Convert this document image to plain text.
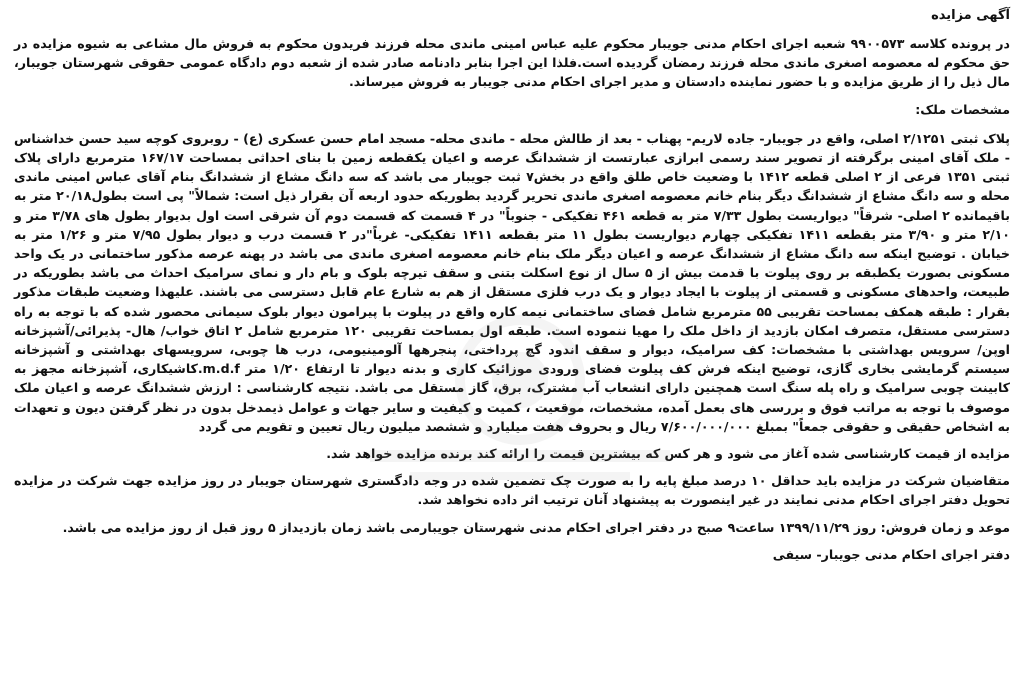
آگهی مزایده
در پرونده کلاسه ۹۹۰۰۵۷۳ شعبه اجرای احکام مدنی جویبار محکوم علیه عباس امینی ماندی محله فرزند فریدون محکوم به فروش مال مشاعی به شیوه مزایده در حق محکوم له معصومه اصغری ماندی محله فرزند رمضان گردیده است.فلذا این اجرا بنابر دادنامه صادر شده از شعبه دوم دادگاه عمومی حقوقی شهرستان جویبار، مال ذیل را از طریق مزایده و با حضور نماینده دادستان و مدیر اجرای احکام مدنی جویبار به فروش میرساند.
مشخصات ملک:
پلاک ثبتی ۲/۱۲۵۱ اصلی، واقع در جویبار- جاده لاریم- پهناب - بعد از طالش محله - ماندی محله- مسجد امام حسن عسکری (ع) - روبروی کوچه سید حسن خداشناس - ملک آقای امینی برگرفته از تصویر سند رسمی ابرازی عبارتست از ششدانگ عرصه و اعیان یکقطعه زمین با بنای احداثی بمساحت ۱۶۷/۱۷ مترمربع دارای پلاک ثبتی ۱۳۵۱ فرعی از ۲ اصلی قطعه ۱۴۱۲ با وضعیت خاص طلق واقع در بخش۷ ثبت جویبار می باشد که سه دانگ مشاع از ششدانگ بنام آقای عباس امینی ماندی محله و سه دانگ مشاع از ششدانگ دیگر بنام خانم معصومه اصغری ماندی تحریر گردید بطوریکه حدود اربعه آن بقرار ذیل است: شمالاً" پی است بطول۲۰/۱۸ متر به باقیمانده ۲ اصلی- شرقاً" دیواریست بطول ۷/۳۳ متر به قطعه ۴۶۱ تفکیکی - جنوباً" در ۴ قسمت که قسمت دوم آن شرقی است اول بدیوار بطول های ۳/۷۸ متر و ۲/۱۰ متر و ۳/۹۰ متر بقطعه ۱۴۱۱ تفکیکی چهارم دیواریست بطول ۱۱ متر بقطعه ۱۴۱۱ تفکیکی- غرباً"در ۲ قسمت درب و دیوار بطول ۷/۹۵ متر و ۱/۲۶ متر به خیابان . توضیح اینکه سه دانگ مشاع از ششدانگ عرصه و اعیان دیگر ملک بنام خانم معصومه اصغری ماندی می باشد در پهنه عرصه مذکور ساختمانی در یک واحد مسکونی بصورت یکطبقه بر روی پیلوت با قدمت بیش از ۵ سال از نوع اسکلت بتنی و سقف تیرچه بلوک و بام دار و نمای سرامیک احداث می باشد بطوریکه در طبیعت، واحدهای مسکونی و قسمتی از پیلوت با ایجاد دیوار و یک درب فلزی مستقل از هم به شارع عام قابل دسترسی می باشند. علیهذا وضعیت طبقات مذکور بقرار : طبقه همکف بمساحت تقریبی ۵۵ مترمربع شامل فضای ساختمانی نیمه کاره واقع در پیلوت با پیرامون دیوار بلوک سیمانی محصور شده که با توجه به راه دسترسی مستقل، متصرف امکان بازدید از داخل ملک را مهیا ننموده است. طبقه اول بمساحت تقریبی ۱۲۰ مترمربع شامل ۲ اتاق خواب/ هال- پذیرائی/آشپزخانه اوپن/ سرویس بهداشتی با مشخصات: کف سرامیک، دیوار و سقف اندود گچ پرداختی، پنجرهها آلومینیومی، درب ها چوبی، سرویسهای بهداشتی و آشپزخانه سیستم گرمایشی بخاری گازی، توضیح اینکه فرش کف پیلوت فضای ورودی موزائیک کاری و بدنه دیوار تا ارتفاع ۱/۲۰ متر m.d.f.کاشیکاری، آشپزخانه مجهز به کابینت چوبی سرامیک و راه پله سنگ است همچنین دارای انشعاب آب مشترک، برق، گاز مستقل می باشد. نتیجه کارشناسی : ارزش ششدانگ عرصه و اعیان ملک موصوف با توجه به مراتب فوق و بررسی های بعمل آمده، مشخصات، موقعیت ، کمیت و کیفیت و سایر جهات و عوامل ذیمدخل بدون در نظر گرفتن دیون و تعهدات به اشخاص حقیقی و حقوقی جمعاً" بمبلغ ۷/۶۰۰/۰۰۰/۰۰۰ ریال و بحروف هفت میلیارد و ششصد میلیون ریال تعیین و تقویم می گردد
مزایده از قیمت کارشناسی شده آغاز می شود و هر کس که بیشترین قیمت را ارائه کند برنده مزایده خواهد شد.
متقاضیان شرکت در مزایده باید حداقل ۱۰ درصد مبلغ پایه را به صورت چک تضمین شده در وجه دادگستری شهرستان جویبار در روز مزایده جهت شرکت در مزایده تحویل دفتر اجرای احکام مدنی نمایند در غیر اینصورت به پیشنهاد آنان ترتیب اثر داده نخواهد شد.
موعد و زمان فروش: روز ۱۳۹۹/۱۱/۲۹ ساعت۹ صبح در دفتر اجرای احکام مدنی شهرستان جویبارمی باشد زمان بازدیداز ۵ روز قبل از روز مزایده می باشد.
دفتر اجرای احکام مدنی جویبار- سیفی
